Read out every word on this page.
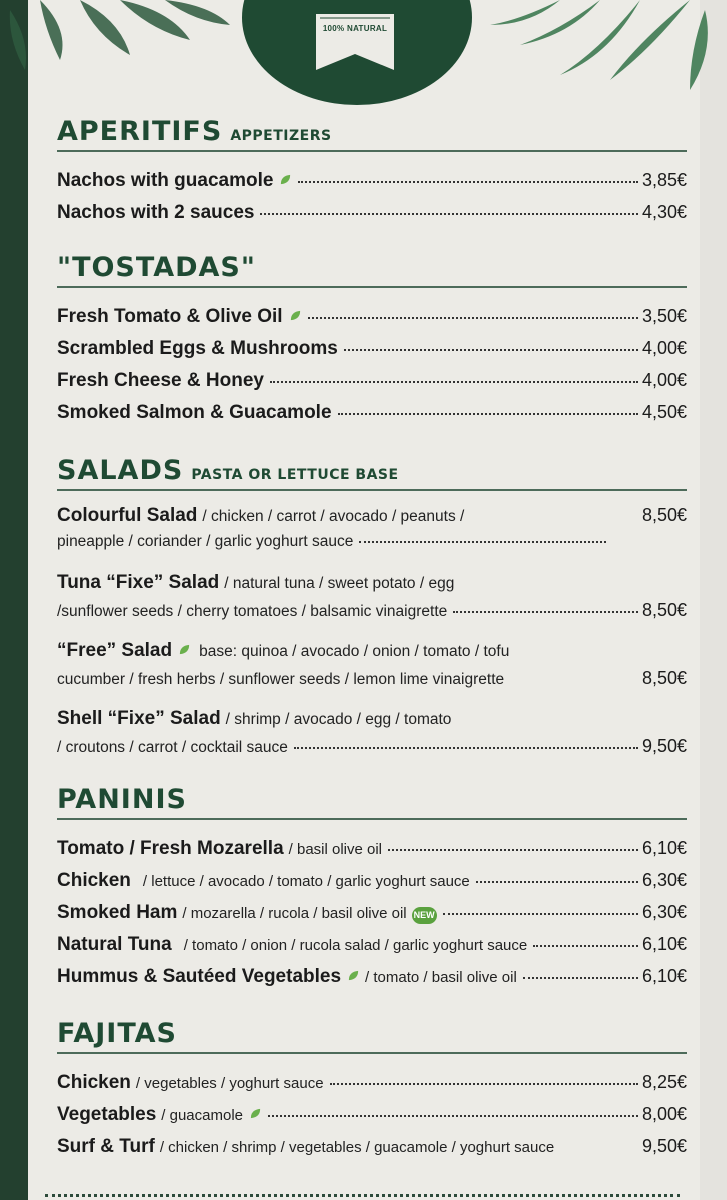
100% NATURAL
APERITIFS APPETIZERS
Nachos with guacamole	3,85€
Nachos with 2 sauces	4,30€
"TOSTADAS"
Fresh Tomato & Olive Oil	3,50€
Scrambled Eggs & Mushrooms	4,00€
Fresh Cheese & Honey	4,00€
Smoked Salmon & Guacamole	4,50€
SALADS PASTA OR LETTUCE BASE
Colourful Salad / chicken / carrot / avocado / peanuts /	8,50€
pineapple / coriander / garlic yoghurt sauce
Tuna “Fixe” Salad / natural tuna / sweet potato / egg
/sunflower seeds / cherry tomatoes / balsamic vinaigrette	8,50€
“Free” Salad base: quinoa / avocado / onion / tomato / tofu
cucumber / fresh herbs / sunflower seeds / lemon lime vinaigrette	8,50€
Shell “Fixe” Salad / shrimp / avocado / egg / tomato
/ croutons / carrot / cocktail sauce	9,50€
PANINIS
Tomato / Fresh Mozarella / basil olive oil	6,10€
Chicken / lettuce / avocado / tomato / garlic yoghurt sauce	6,30€
Smoked Ham / mozarella / rucola / basil olive oil NEW	6,30€
Natural Tuna / tomato / onion / rucola salad / garlic yoghurt sauce	6,10€
Hummus & Sautéed Vegetables / tomato / basil olive oil	6,10€
FAJITAS
Chicken / vegetables / yoghurt sauce	8,25€
Vegetables / guacamole	8,00€
Surf & Turf / chicken / shrimp / vegetables / guacamole / yoghurt sauce	9,50€
